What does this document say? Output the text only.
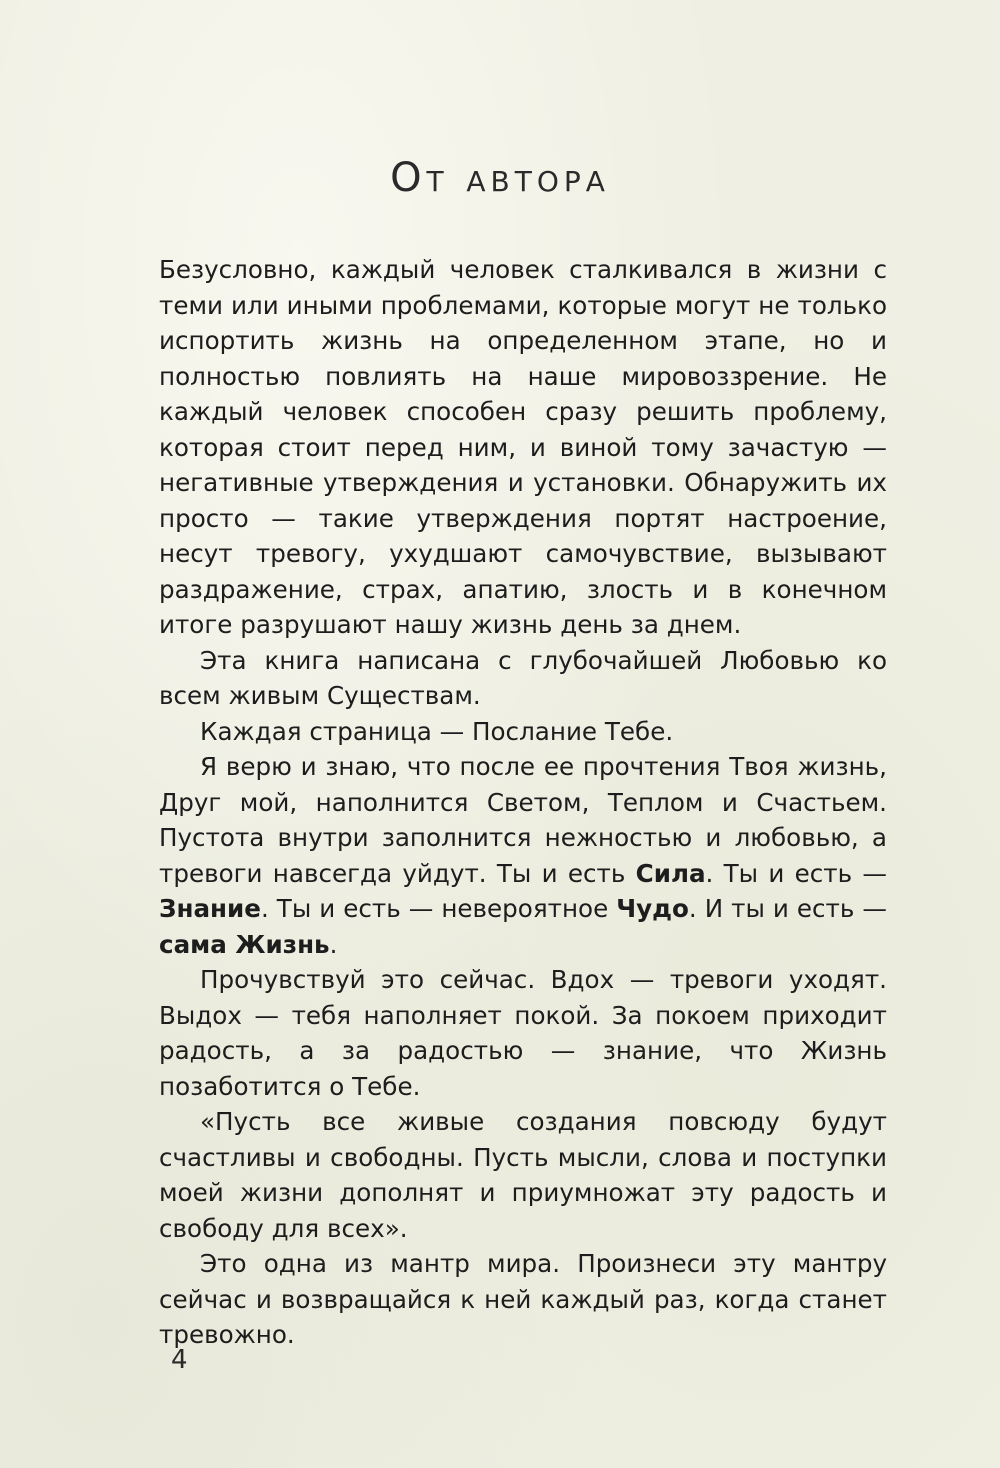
От автора

Безусловно, каждый человек сталкивался в жизни с теми или иными проблемами, которые могут не только испортить жизнь на определенном этапе, но и полностью повлиять на наше мировоззрение. Не каждый человек способен сразу решить проблему, которая стоит перед ним, и виной тому зачастую — негативные утверждения и установки. Обнаружить их просто — такие утверждения портят настроение, несут тревогу, ухудшают самочувствие, вызывают раздражение, страх, апатию, злость и в конечном итоге разрушают нашу жизнь день за днем.

Эта книга написана с глубочайшей Любовью ко всем живым Существам.

Каждая страница — Послание Тебе.

Я верю и знаю, что после ее прочтения Твоя жизнь, Друг мой, наполнится Светом, Теплом и Счастьем. Пустота внутри заполнится нежностью и любовью, а тревоги навсегда уйдут. Ты и есть Сила. Ты и есть — Знание. Ты и есть — невероятное Чудо. И ты и есть — сама Жизнь.

Прочувствуй это сейчас. Вдох — тревоги уходят. Выдох — тебя наполняет покой. За покоем приходит радость, а за радостью — знание, что Жизнь позаботится о Тебе.

«Пусть все живые создания повсюду будут счастливы и свободны. Пусть мысли, слова и поступки моей жизни дополнят и приумножат эту радость и свободу для всех».

Это одна из мантр мира. Произнеси эту мантру сейчас и возвращайся к ней каждый раз, когда станет тревожно.

4
